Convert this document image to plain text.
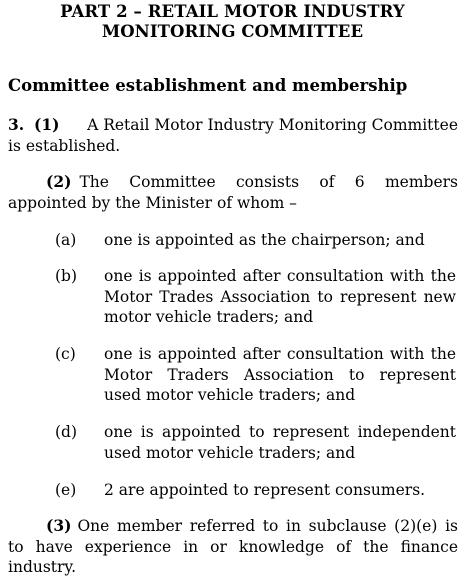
PART 2 – RETAIL MOTOR INDUSTRY
MONITORING COMMITTEE
Committee establishment and membership
3. (1) A Retail Motor Industry Monitoring Committee
is established.
(2) The Committee consists of 6 members
appointed by the Minister of whom –
(a) one is appointed as the chairperson; and
(b) one is appointed after consultation with the
Motor Trades Association to represent new
motor vehicle traders; and
(c) one is appointed after consultation with the
Motor Traders Association to represent
used motor vehicle traders; and
(d) one is appointed to represent independent
used motor vehicle traders; and
(e) 2 are appointed to represent consumers.
(3) One member referred to in subclause (2)(e) is
to have experience in or knowledge of the finance
industry.
